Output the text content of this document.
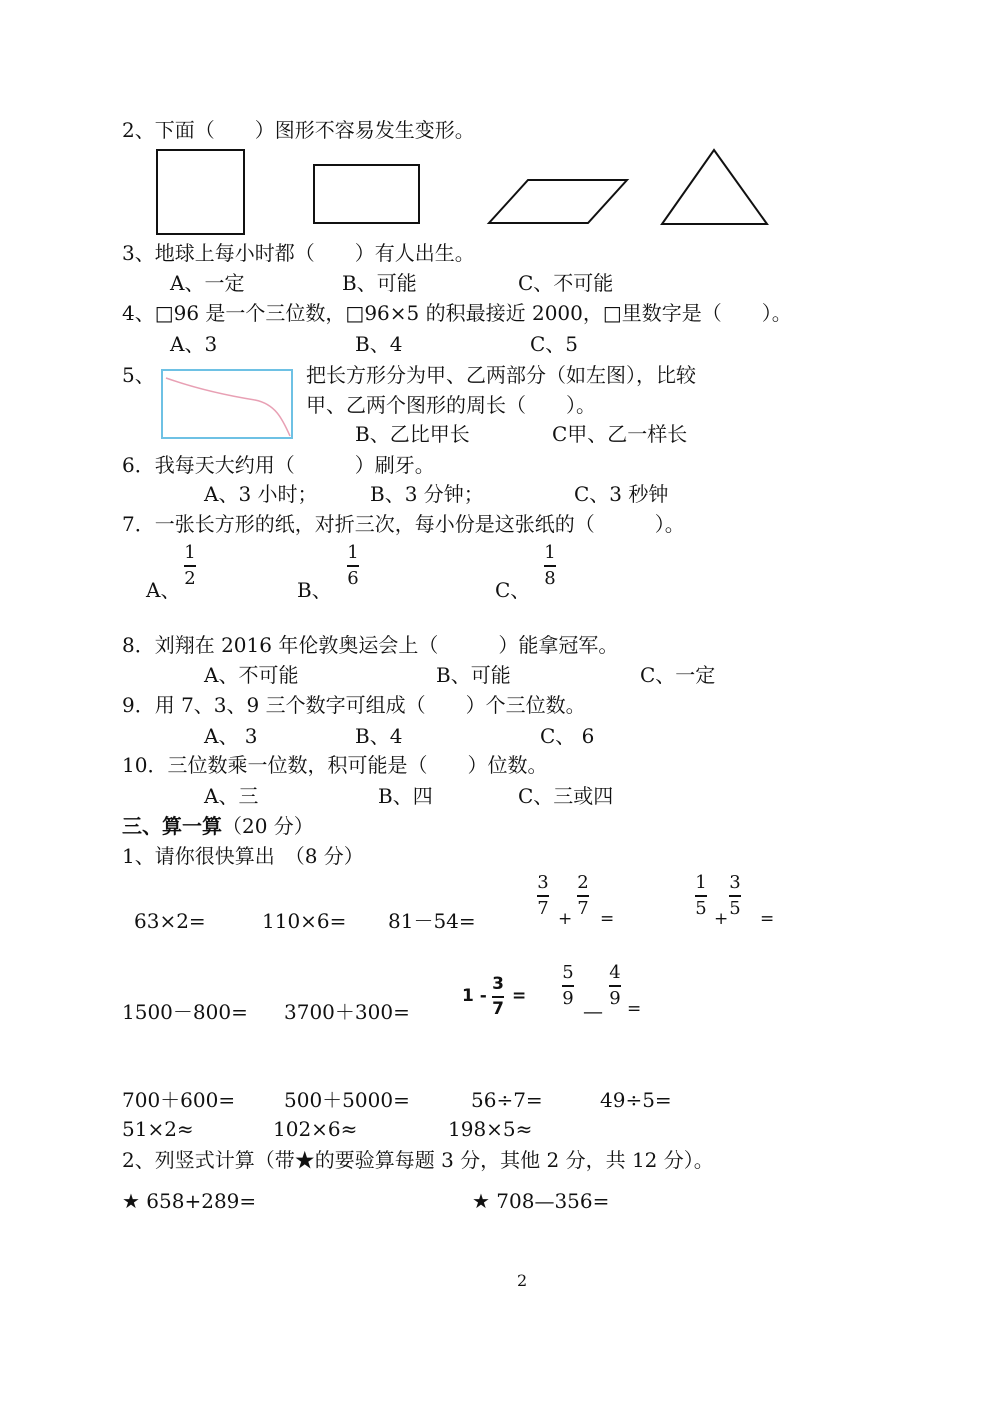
2、下面（　　）图形不容易发生变形。
3、地球上每小时都（　　）有人出生。
A、一定	B、可能	C、不可能
4、□96 是一个三位数，□96×5 的积最接近 2000，□里数字是（　　）。
A、3	B、4	C、5
5、	把长方形分为甲、乙两部分（如左图），比较
甲、乙两个图形的周长（　　）。
B、乙比甲长	C甲、乙一样长
6．我每天大约用（　　　）刷牙。
A、3 小时；	B、3 分钟；	C、3 秒钟
7．一张长方形的纸，对折三次，每小份是这张纸的（　　　）。
A、
1
2	B、
1
6	C、
1
8
8．刘翔在 2016 年伦敦奥运会上（　　　）能拿冠军。
A、不可能	B、可能	C、一定
9．用 7、3、9 三个数字可组成（　　）个三位数。
A、 3	B、4	C、 6
10．三位数乘一位数，积可能是（　　）位数。
A、三	B、四	C、三或四
三、算一算（20 分）
1、请你很快算出　（8 分）
63×2=	110×6= 81－54=
3
7
+
2
7
=
1
5
+
3
5
=
1500－800= 3700＋300=
1 -
3
7
=
5
9
—
4
9
=
700＋600= 500＋5000=	56÷7=	49÷5=
51×2≈	102×6≈	198×5≈
2、列竖式计算（带★的要验算每题 3 分，其他 2 分，共 12 分）。
★ 658+289=	★ 708—356=
2
